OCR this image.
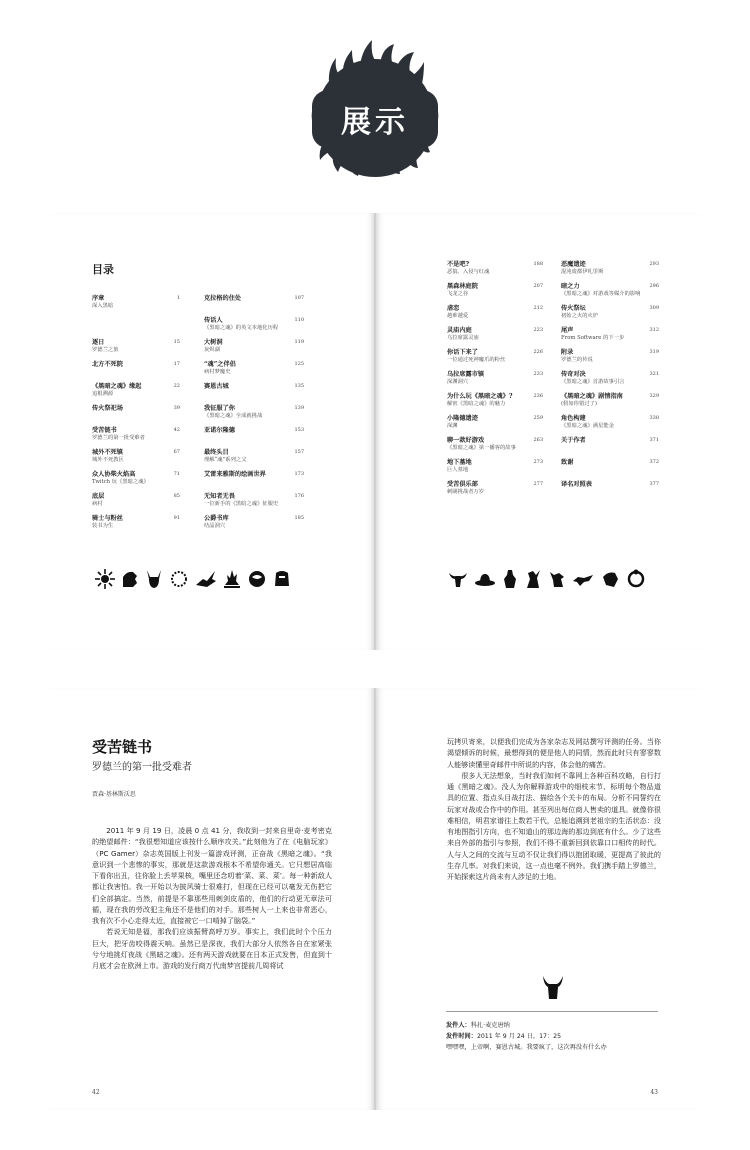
展示
目录
序章
深入黑暗
1
逐日
罗德兰之旅
15
北方不死院	17
《黑暗之魂》缘起
追根溯源
22
传火祭祀场	39
受苦链书
罗德兰的第一批受难者
42
城外不死镇
城外不死教区
67
众人协柴火焰高
Twitch 玩《黑暗之魂》
71
底层
病村
85
骑士与粉丝
装书为生
91
克拉格的住处	107
传话人
《黑暗之魂》的英文本地化历程
110
大树洞
灰烬湖
119
“魂”之伴侣
病村梦魔史
125
赛恩古城	135
我征服了你
《黑暗之魂》全成就挑战
139
亚诺尔隆德	153
最终头目
理解“魂”系列之父
157
艾雷来雅斯的绘画世界	173
无知者无畏
一位新手的《黑暗之魂》征服史
176
公爵书库
结晶洞穴
185
不是吧?
恶搞、入侵与红魂
188
黑森林庭院
飞龙之谷
207
虐恋
越难越爱
212
灵庙内庭
乌拉席露灵庙
223
你话下来了
一位通过死神魔爪的粉丝
226
乌拉席露市镇
深渊洞穴
233
为什么玩《黑暗之魂》?
解密《黑暗之魂》的魅力
236
小隆德遗迹
深渊
259
聊一款好游戏
《黑暗之魂》第一播客的故事
263
地下墓地
巨人墓地
273
受苦俱乐部
刺刷挑战者万岁
277
恶魔遗迹
混沌废都伊札里斯
293
暗之力
《黑暗之魂》对游戏等媒介的影响
296
传火祭坛
初始之火的火炉
309
尾声
From Software 的下一步
312
附录
罗德兰的传说
319
传奇对决
《黑暗之魂》首游故事引言
321
《黑暗之魂》剧情指南
(假如你错过了)
329
角色构建
《黑暗之魂》满星能金
338
关于作者	371
致谢	372
译名对照表	377
受苦链书
罗德兰的第一批受难者
贾森·基林斯沃思

2011 年 9 月 19 日，凌晨 0 点 41 分，我收到一封来自里奇·麦考密克的绝望邮件：“我很想知道应该按什么顺序攻关。”此刻他为了在《电脑玩家》（PC Gamer）杂志英国版上刊发一篇游戏评测，正奋战《黑暗之魂》。“我意识到一个悲惨的事实，那就是这款游戏根本不希望你通关。它只想居高临下看你出丑，往你脸上丢苹果核，嘴里还念叨着‘菜、菜、菜’。每一种新敌人都让我害怕。我一开始以为披风骑士很难打，但现在已经可以毫发无伤把它们全部搞定。当然，前提是不靠那些用刺剑皮盾的，他们的行动更无章法可循，现在我的劳改犯主角还不是他们的对手。那些树人一上来也非常恶心，我有次不小心走得太近，直接被它一口啃掉了脑袋。”

若说无知是福，那我们应该振臂高呼万岁。事实上，我们此时个个压力巨大，把牙齿咬得震天响。虽然已是深夜，我们大部分人依然各自在家紧张兮兮地挑灯夜战《黑暗之魂》。还有两天游戏就要在日本正式发售，但直到十月底才会在欧洲上市。游戏的发行商万代南梦宫提前几周将试

42

玩拷贝寄来，以便我们完成为各家杂志及网站撰写评测的任务。当你渴望倾诉的时候，最想得到的便是他人的同情，然而此时只有寥寥数人能够读懂里奇邮件中所说的内容，体会他的痛苦。

很多人无法想象，当时我们如何不靠网上各种百科攻略，自行打通《黑暗之魂》。没人为你解释游戏中的细枝末节、标明每个物品道具的位置、指点头目战打法、描绘各个关卡的布局。分析不同誓约在玩家对战或合作中的作用。甚至列出每位商人售卖的道具。就像你很难相信，明君家谱往上数若干代，总能追溯到老祖宗的生活状态：没有地图指引方向，也不知道山的那边海的那边到底有什么。少了这些来自外部的指引与参照，我们不得不重新回到依靠口口相传的时代。人与人之间的交流与互动不仅让我们得以抱团取暖，更提高了彼此的生存几率。对我们来说，这一点也毫不例外。我们携手踏上罗德兰，开始探索这片尚未有人涉足的土地。

发件人：科扎·麦克唐纳
发件时间：2011 年 9 月 24 日，17：25
嘿嘿嘿，上帝啊，赛恩古城。我要疯了，这次再没有什么办
43
